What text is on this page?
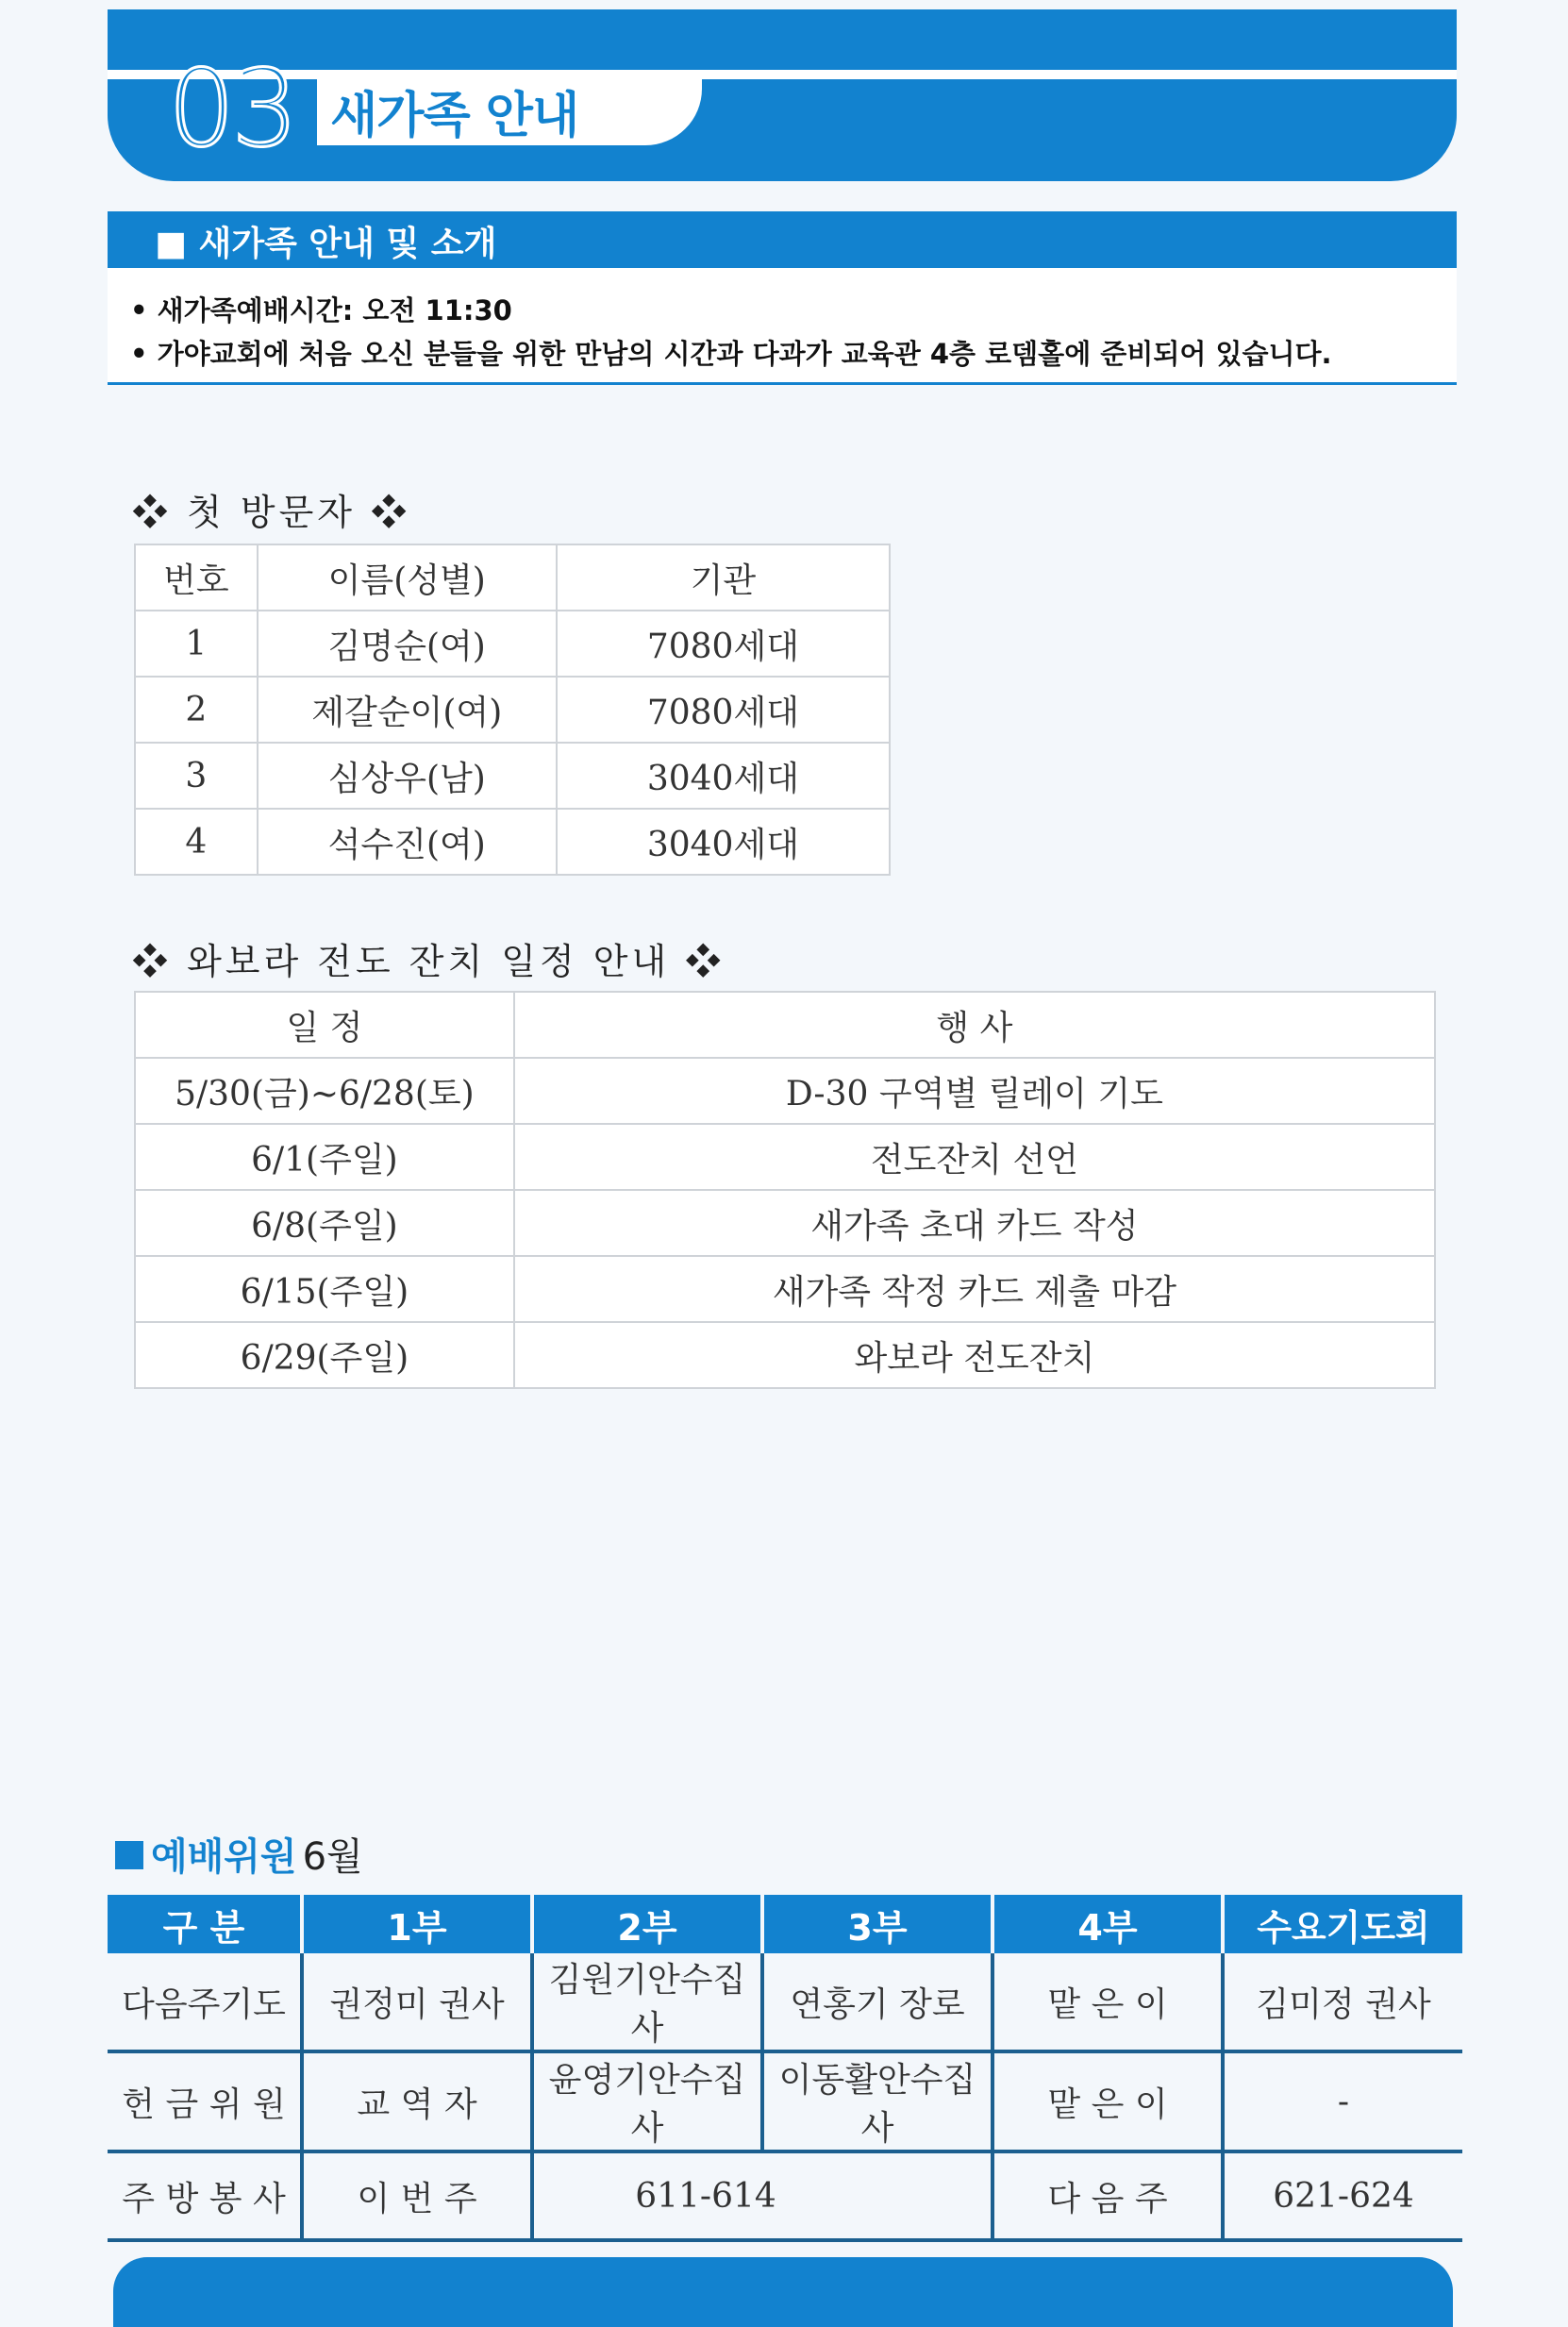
03 새가족 안내
■ 새가족 안내 및 소개
• 새가족예배시간: 오전 11:30
• 가야교회에 처음 오신 분들을 위한 만남의 시간과 다과가 교육관 4층 로뎀홀에 준비되어 있습니다.
❖ 첫 방문자 ❖
번호	이름(성별)	기관
1	김명순(여)	7080세대
2	제갈순이(여)	7080세대
3	심상우(남)	3040세대
4	석수진(여)	3040세대
❖ 와보라 전도 잔치 일정 안내 ❖
일 정	행 사
5/30(금)~6/28(토)	D-30 구역별 릴레이 기도
6/1(주일)	전도잔치 선언
6/8(주일)	새가족 초대 카드 작성
6/15(주일)	새가족 작정 카드 제출 마감
6/29(주일)	와보라 전도잔치
예배위원 6월
구 분	1부	2부	3부	4부	수요기도회
다음주기도	권정미 권사	김원기안수집사	연홍기 장로	맡 은 이	김미정 권사
헌 금 위 원	교 역 자	윤영기안수집사	이동활안수집사	맡 은 이	-
주 방 봉 사	이 번 주	611-614		다 음 주	621-624
